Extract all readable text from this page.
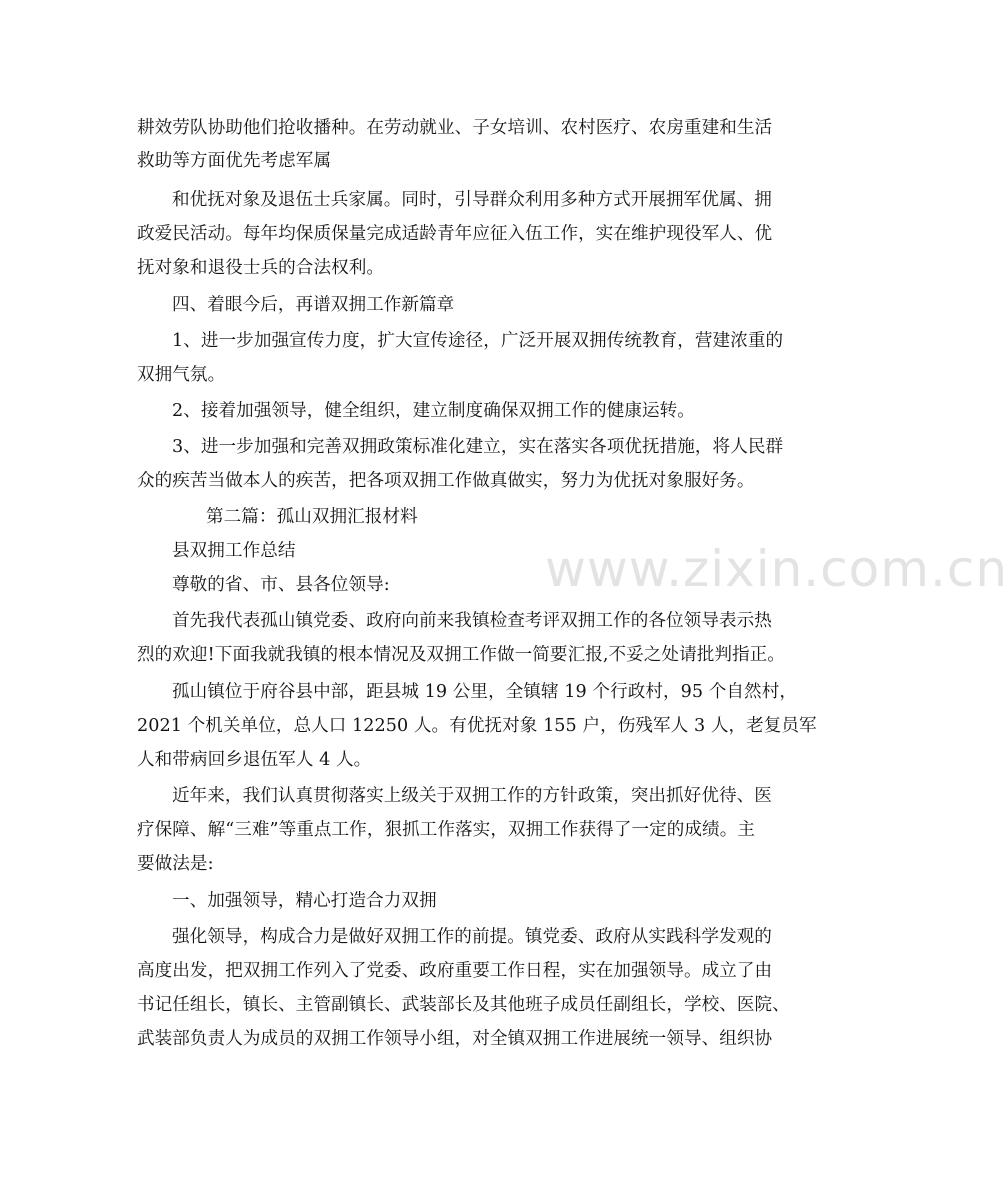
www.zixin.com.cn
耕效劳队协助他们抢收播种。在劳动就业、子女培训、农村医疗、农房重建和生活
救助等方面优先考虑军属
和优抚对象及退伍士兵家属。同时，引导群众利用多种方式开展拥军优属、拥
政爱民活动。每年均保质保量完成适龄青年应征入伍工作，实在维护现役军人、优
抚对象和退役士兵的合法权利。
四、着眼今后，再谱双拥工作新篇章
1、进一步加强宣传力度，扩大宣传途径，广泛开展双拥传统教育，营建浓重的
双拥气氛。
2、接着加强领导，健全组织，建立制度确保双拥工作的健康运转。
3、进一步加强和完善双拥政策标准化建立，实在落实各项优抚措施，将人民群
众的疾苦当做本人的疾苦，把各项双拥工作做真做实，努力为优抚对象服好务。
第二篇：孤山双拥汇报材料
县双拥工作总结
尊敬的省、市、县各位领导:
首先我代表孤山镇党委、政府向前来我镇检查考评双拥工作的各位领导表示热
烈的欢迎!下面我就我镇的根本情况及双拥工作做一简要汇报,不妥之处请批判指正。
孤山镇位于府谷县中部，距县城 19 公里，全镇辖 19 个行政村，95 个自然村，
2021 个机关单位，总人口 12250 人。有优抚对象 155 户，伤残军人 3 人，老复员军
人和带病回乡退伍军人 4 人。
近年来，我们认真贯彻落实上级关于双拥工作的方针政策，突出抓好优待、医
疗保障、解“三难”等重点工作，狠抓工作落实，双拥工作获得了一定的成绩。主
要做法是:
一、加强领导，精心打造合力双拥
强化领导，构成合力是做好双拥工作的前提。镇党委、政府从实践科学发观的
高度出发，把双拥工作列入了党委、政府重要工作日程，实在加强领导。成立了由
书记任组长，镇长、主管副镇长、武装部长及其他班子成员任副组长，学校、医院、
武装部负责人为成员的双拥工作领导小组，对全镇双拥工作进展统一领导、组织协
